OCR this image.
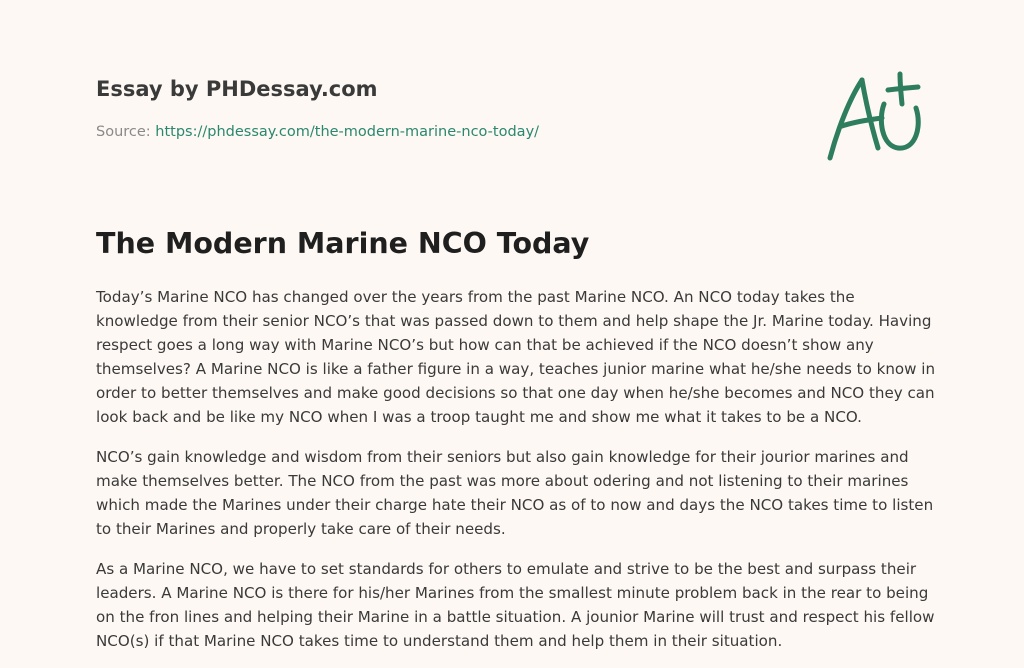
Essay by PHDessay.com
Source: https://phdessay.com/the-modern-marine-nco-today/
The Modern Marine NCO Today

Today’s Marine NCO has changed over the years from the past Marine NCO. An NCO today takes the knowledge from their senior NCO’s that was passed down to them and help shape the Jr. Marine today. Having respect goes a long way with Marine NCO’s but how can that be achieved if the NCO doesn’t show any themselves? A Marine NCO is like a father figure in a way, teaches junior marine what he/she needs to know in order to better themselves and make good decisions so that one day when he/she becomes and NCO they can look back and be like my NCO when I was a troop taught me and show me what it takes to be a NCO.

NCO’s gain knowledge and wisdom from their seniors but also gain knowledge for their jourior marines and make themselves better. The NCO from the past was more about odering and not listening to their marines which made the Marines under their charge hate their NCO as of to now and days the NCO takes time to listen to their Marines and properly take care of their needs.

As a Marine NCO, we have to set standards for others to emulate and strive to be the best and surpass their leaders. A Marine NCO is there for his/her Marines from the smallest minute problem back in the rear to being on the fron lines and helping their Marine in a battle situation. A jounior Marine will trust and respect his fellow NCO(s) if that Marine NCO takes time to understand them and help them in their situation.
